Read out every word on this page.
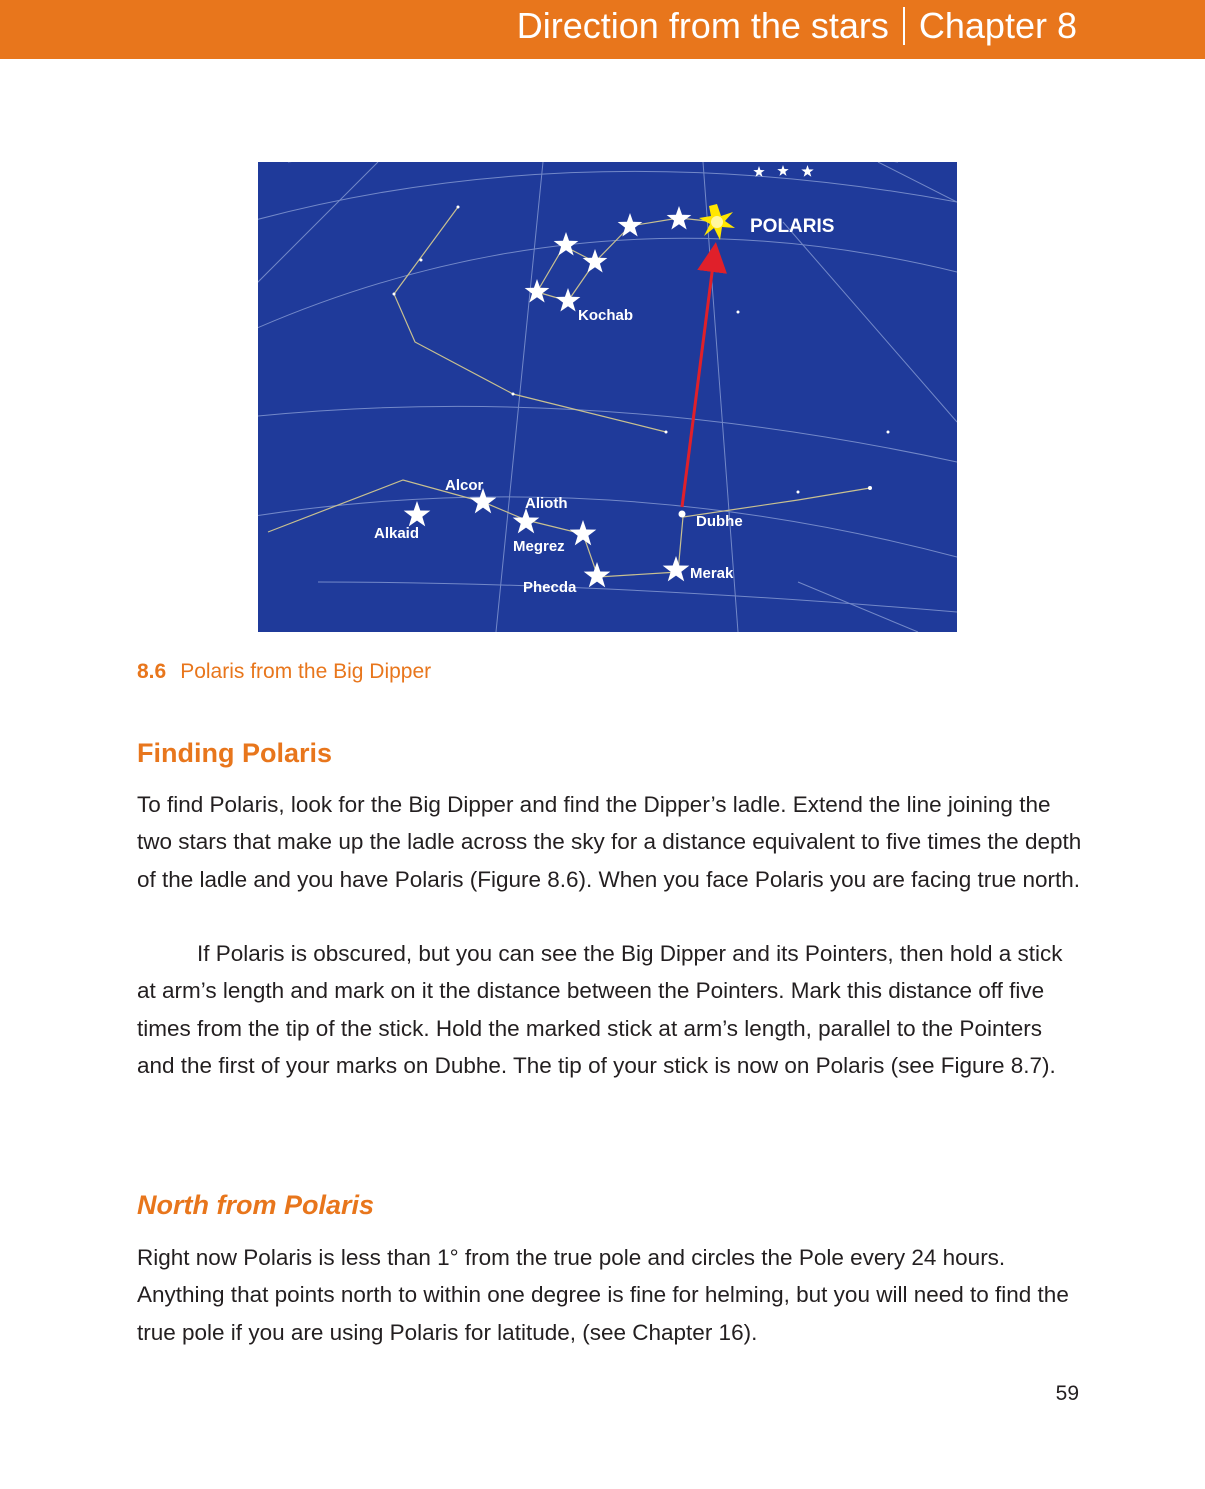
Direction from the stars Chapter 8
POLARIS
Kochab
Alcor
Alkaid
Alioth
Megrez
Phecda
Dubhe
Merak
8.6 Polaris from the Big Dipper
Finding Polaris

To find Polaris, look for the Big Dipper and find the Dipper’s ladle. Extend the line joining the two stars that make up the ladle across the sky for a distance equivalent to five times the depth of the ladle and you have Polaris (Figure 8.6). When you face Polaris you are facing true north.

If Polaris is obscured, but you can see the Big Dipper and its Pointers, then hold a stick at arm’s length and mark on it the distance between the Pointers. Mark this distance off five times from the tip of the stick. Hold the marked stick at arm’s length, parallel to the Pointers and the first of your marks on Dubhe. The tip of your stick is now on Polaris (see Figure 8.7).

North from Polaris

Right now Polaris is less than 1° from the true pole and circles the Pole every 24 hours. Anything that points north to within one degree is fine for helming, but you will need to find the true pole if you are using Polaris for latitude, (see Chapter 16).

59
